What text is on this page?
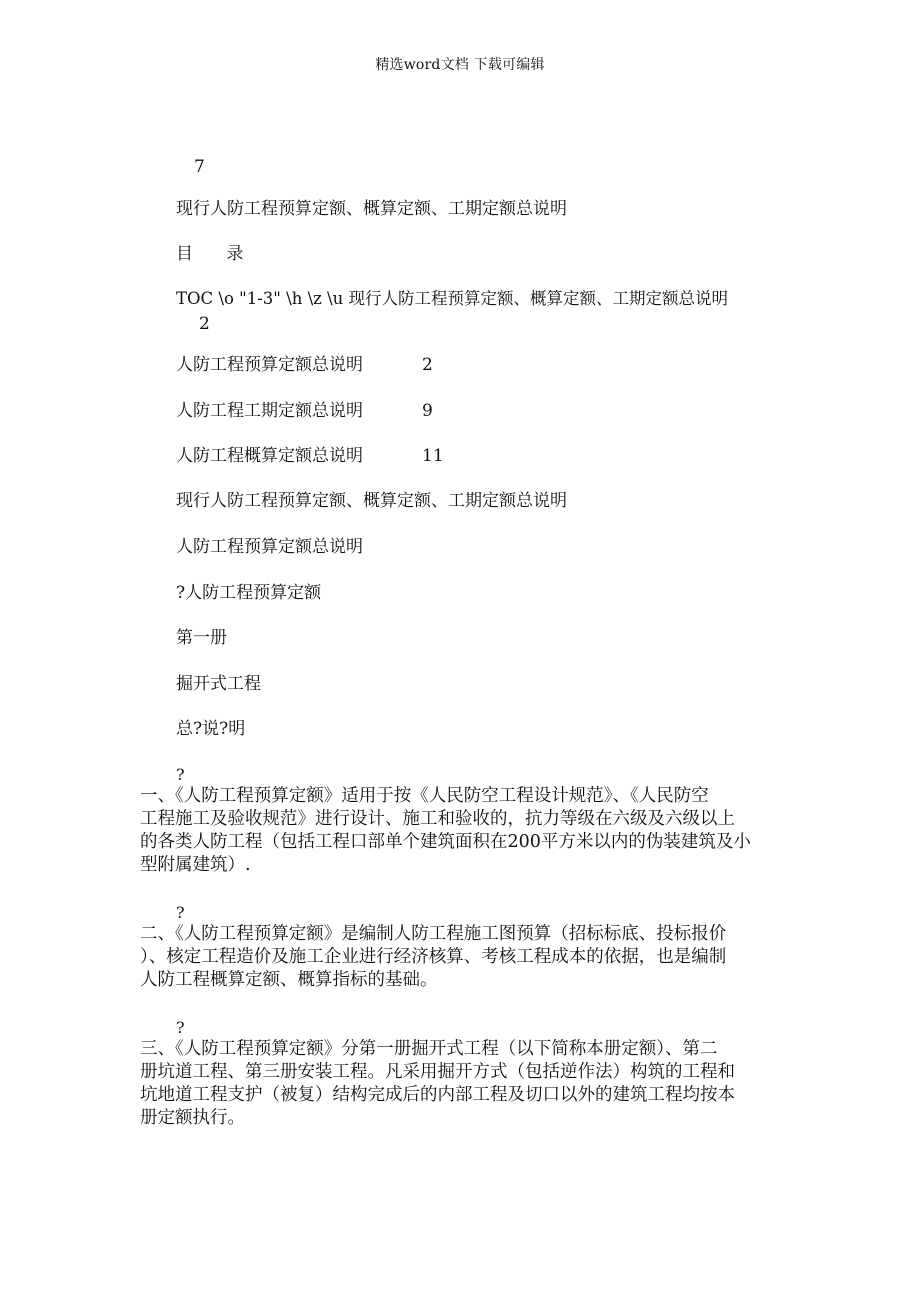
精选word文档 下载可编辑
7
现行人防工程预算定额、概算定额、工期定额总说明
目 录
TOC \o "1-3" \h \z \u 现行人防工程预算定额、概算定额、工期定额总说明
2
人防工程预算定额总说明	2
人防工程工期定额总说明	9
人防工程概算定额总说明	11
现行人防工程预算定额、概算定额、工期定额总说明
人防工程预算定额总说明
?人防工程预算定额
第一册
掘开式工程
总?说?明
?
一、《人防工程预算定额》适用于按《人民防空工程设计规范》、《人民防空
工程施工及验收规范》进行设计、施工和验收的，抗力等级在六级及六级以上
的各类人防工程（包括工程口部单个建筑面积在200平方米以内的伪装建筑及小
型附属建筑）.
?
二、《人防工程预算定额》是编制人防工程施工图预算（招标标底、投标报价
）、核定工程造价及施工企业进行经济核算、考核工程成本的依据，也是编制
人防工程概算定额、概算指标的基础。
?
三、《人防工程预算定额》分第一册掘开式工程（以下简称本册定额）、第二
册坑道工程、第三册安装工程。凡采用掘开方式（包括逆作法）构筑的工程和
坑地道工程支护（被复）结构完成后的内部工程及切口以外的建筑工程均按本
册定额执行。
